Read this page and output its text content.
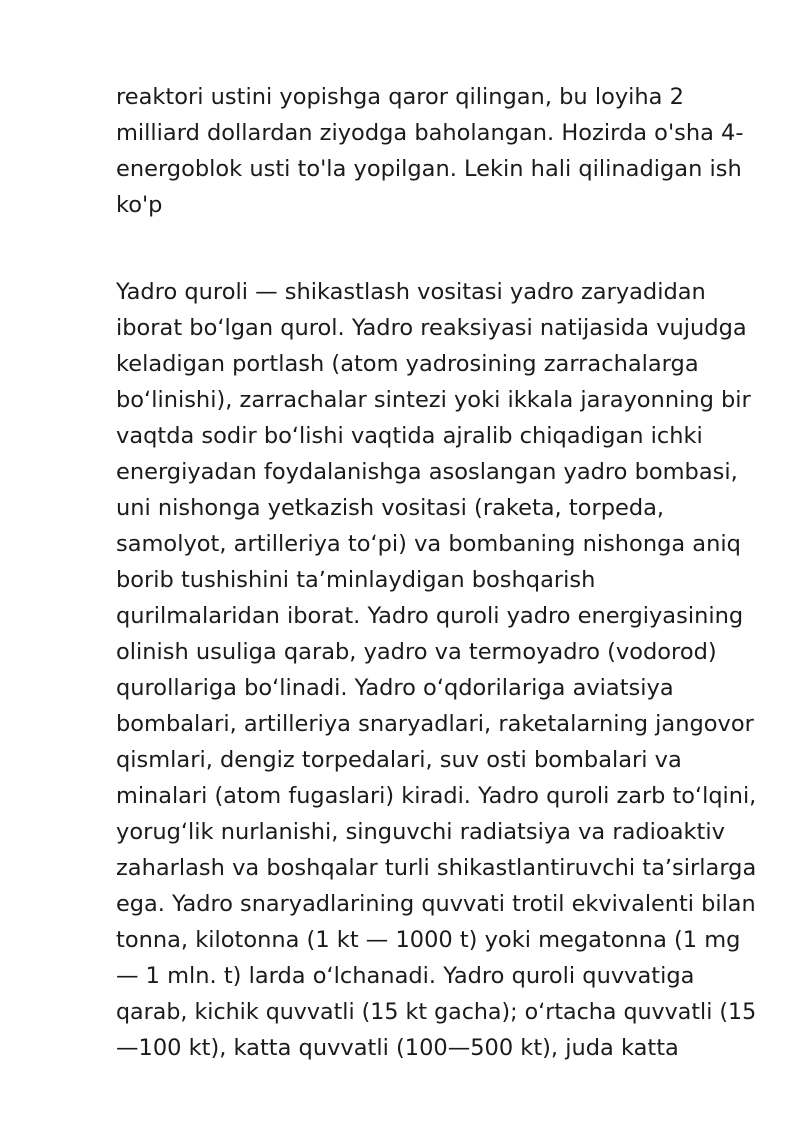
reaktori ustini yopishga qaror qilingan, bu loyiha 2
milliard dollardan ziyodga baholangan. Hozirda o'sha 4-
energoblok usti to'la yopilgan. Lekin hali qilinadigan ish
ko'p
Yadro quroli — shikastlash vositasi yadro zaryadidan
iborat boʻlgan qurol. Yadro reaksiyasi natijasida vujudga
keladigan portlash (atom yadrosining zarrachalarga
boʻlinishi), zarrachalar sintezi yoki ikkala jarayonning bir
vaqtda sodir boʻlishi vaqtida ajralib chiqadigan ichki
energiyadan foydalanishga asoslangan yadro bombasi,
uni nishonga yetkazish vositasi (raketa, torpeda,
samolyot, artilleriya toʻpi) va bombaning nishonga aniq
borib tushishini taʼminlaydigan boshqarish
qurilmalaridan iborat. Yadro quroli yadro energiyasining
olinish usuliga qarab, yadro va termoyadro (vodorod)
qurollariga boʻlinadi. Yadro oʻqdorilariga aviatsiya
bombalari, artilleriya snaryadlari, raketalarning jangovor
qismlari, dengiz torpedalari, suv osti bombalari va
minalari (atom fugaslari) kiradi. Yadro quroli zarb toʻlqini,
yorugʻlik nurlanishi, singuvchi radiatsiya va radioaktiv
zaharlash va boshqalar turli shikastlantiruvchi taʼsirlarga
ega. Yadro snaryadlarining quvvati trotil ekvivalenti bilan
tonna, kilotonna (1 kt — 1000 t) yoki megatonna (1 mg
— 1 mln. t) larda oʻlchanadi. Yadro quroli quvvatiga
qarab, kichik quvvatli (15 kt gacha); oʻrtacha quvvatli (15
—100 kt), katta quvvatli (100—500 kt), juda katta
